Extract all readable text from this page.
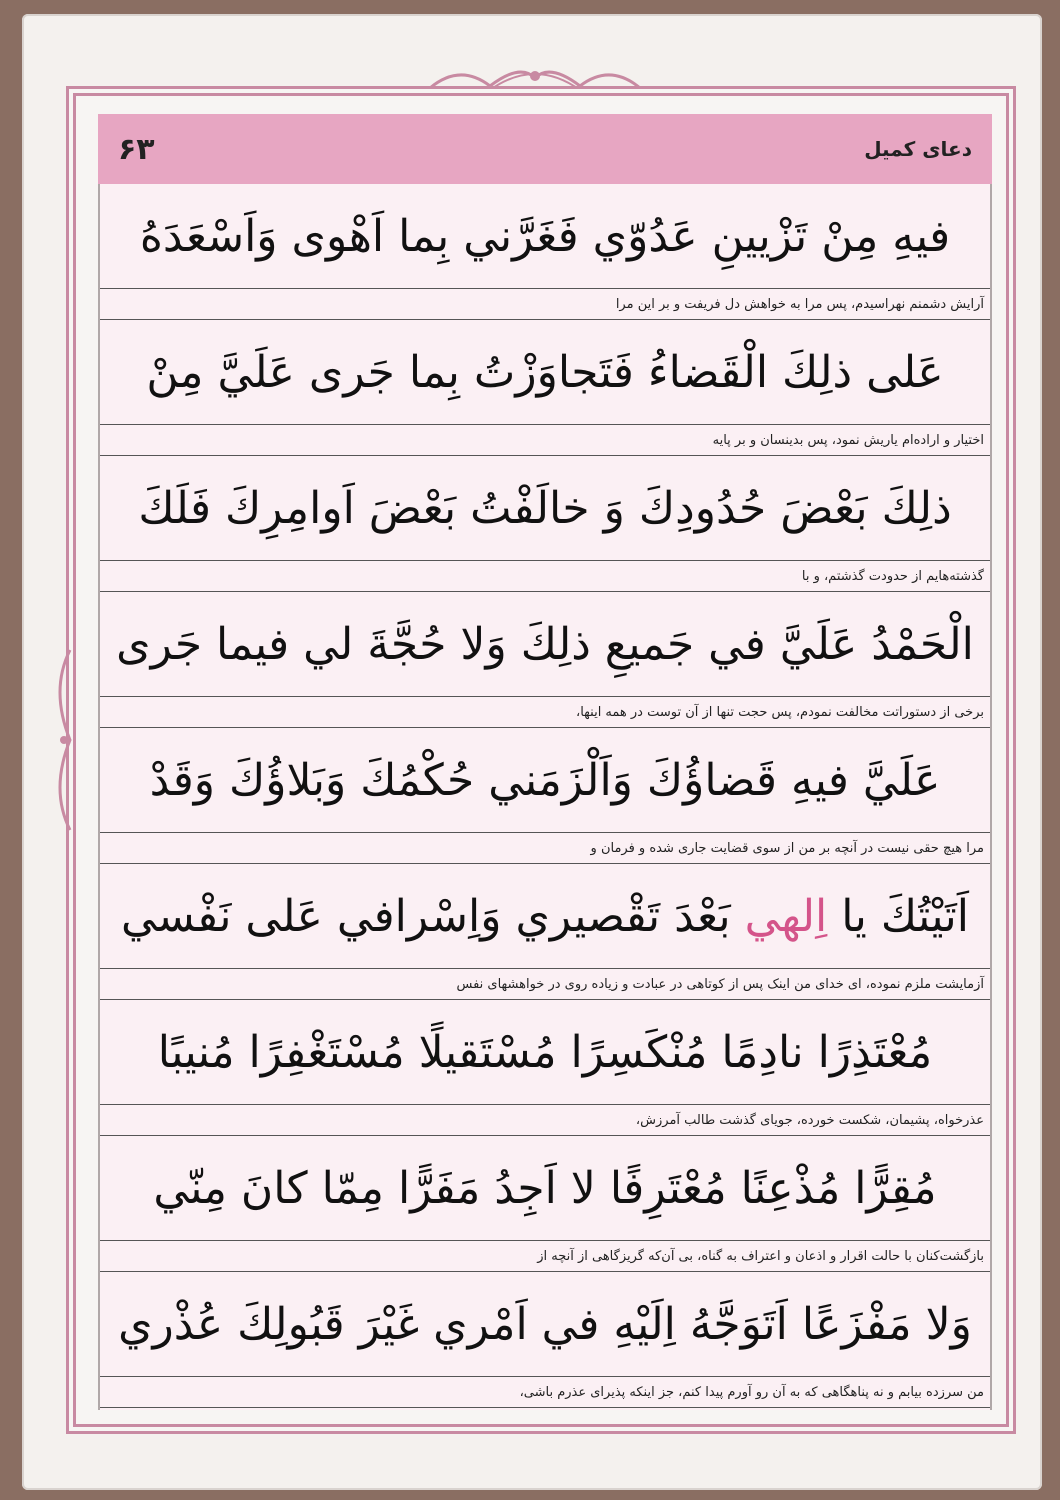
۶۳	دعای کمیل
فيهِ مِنْ تَزْيينِ عَدُوّي فَغَرَّني بِما اَهْوى وَاَسْعَدَهُ
آرایش دشمنم نهراسیدم، پس مرا به خواهش دل فریفت و بر این مرا
عَلى ذلِكَ الْقَضاءُ فَتَجاوَزْتُ بِما جَرى عَلَيَّ مِنْ
اختیار و اراده‌ام یاریش نمود، پس بدینسان و بر پایه
ذلِكَ بَعْضَ حُدُودِكَ وَ خالَفْتُ بَعْضَ اَوامِرِكَ فَلَكَ
گذشته‌هایم از حدودت گذشتم، و با
الْحَمْدُ عَلَيَّ في جَميعِ ذلِكَ وَلا حُجَّةَ لي فيما جَرى
برخی از دستوراتت مخالفت نمودم، پس حجت تنها از آن توست در همه اینها،
عَلَيَّ فيهِ قَضاؤُكَ وَاَلْزَمَني حُكْمُكَ وَبَلاؤُكَ وَقَدْ
مرا هیچ حقی نیست در آنچه بر من از سوی قضایت جاری شده و فرمان و
اَتَيْتُكَ يا

اِلهي

بَعْدَ تَقْصيري وَاِسْرافي عَلى نَفْسي
آزمایشت ملزم نموده، ای خدای من اینک پس از کوتاهی در عبادت و زیاده روی در خواهشهای نفس
مُعْتَذِرًا نادِمًا مُنْكَسِرًا مُسْتَقيلًا مُسْتَغْفِرًا مُنيبًا
عذرخواه، پشیمان، شکست خورده، جویای گذشت طالب آمرزش،
مُقِرًّا مُذْعِنًا مُعْتَرِفًا لا اَجِدُ مَفَرًّا مِمّا كانَ مِنّي
بازگشت‌کنان با حالت اقرار و اذعان و اعتراف به گناه، بی آن‌که گریزگاهی از آنچه از
وَلا مَفْزَعًا اَتَوَجَّهُ اِلَيْهِ في اَمْري غَيْرَ قَبُولِكَ عُذْري
من سرزده بیابم و نه پناهگاهی که به آن رو آورم پیدا کنم، جز اینکه پذیرای عذرم باشی،
